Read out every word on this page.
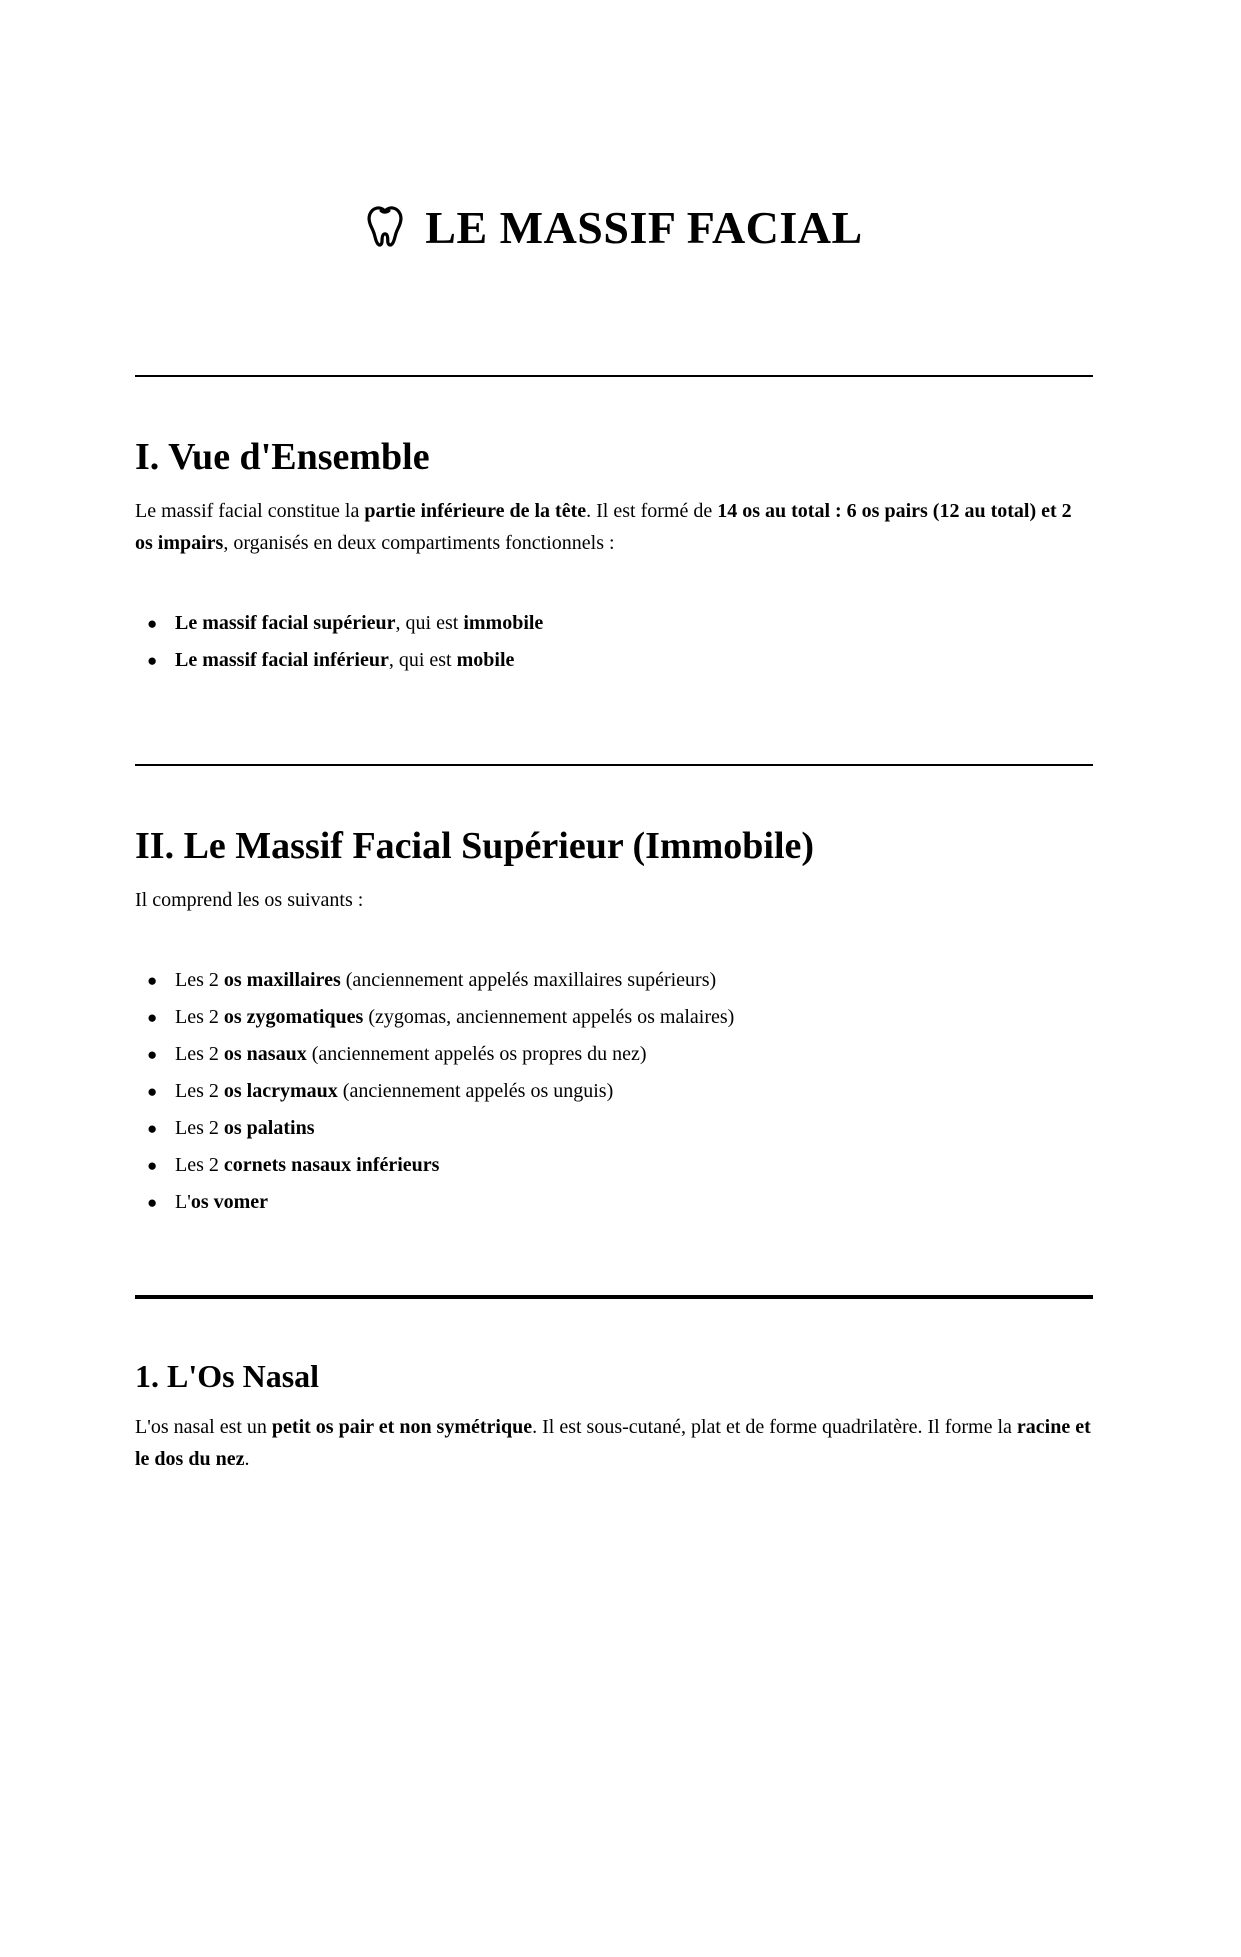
LE MASSIF FACIAL
I. Vue d'Ensemble

Le massif facial constitue la partie inférieure de la tête. Il est formé de 14 os au total : 6 os pairs (12 au total) et 2 os impairs, organisés en deux compartiments fonctionnels :

● Le massif facial supérieur, qui est immobile
● Le massif facial inférieur, qui est mobile
II. Le Massif Facial Supérieur (Immobile)

Il comprend les os suivants :

● Les 2 os maxillaires (anciennement appelés maxillaires supérieurs)
● Les 2 os zygomatiques (zygomas, anciennement appelés os malaires)
● Les 2 os nasaux (anciennement appelés os propres du nez)
● Les 2 os lacrymaux (anciennement appelés os unguis)
● Les 2 os palatins
● Les 2 cornets nasaux inférieurs
● L'os vomer
1. L'Os Nasal

L'os nasal est un petit os pair et non symétrique. Il est sous-cutané, plat et de forme quadrilatère. Il forme la racine et le dos du nez.
